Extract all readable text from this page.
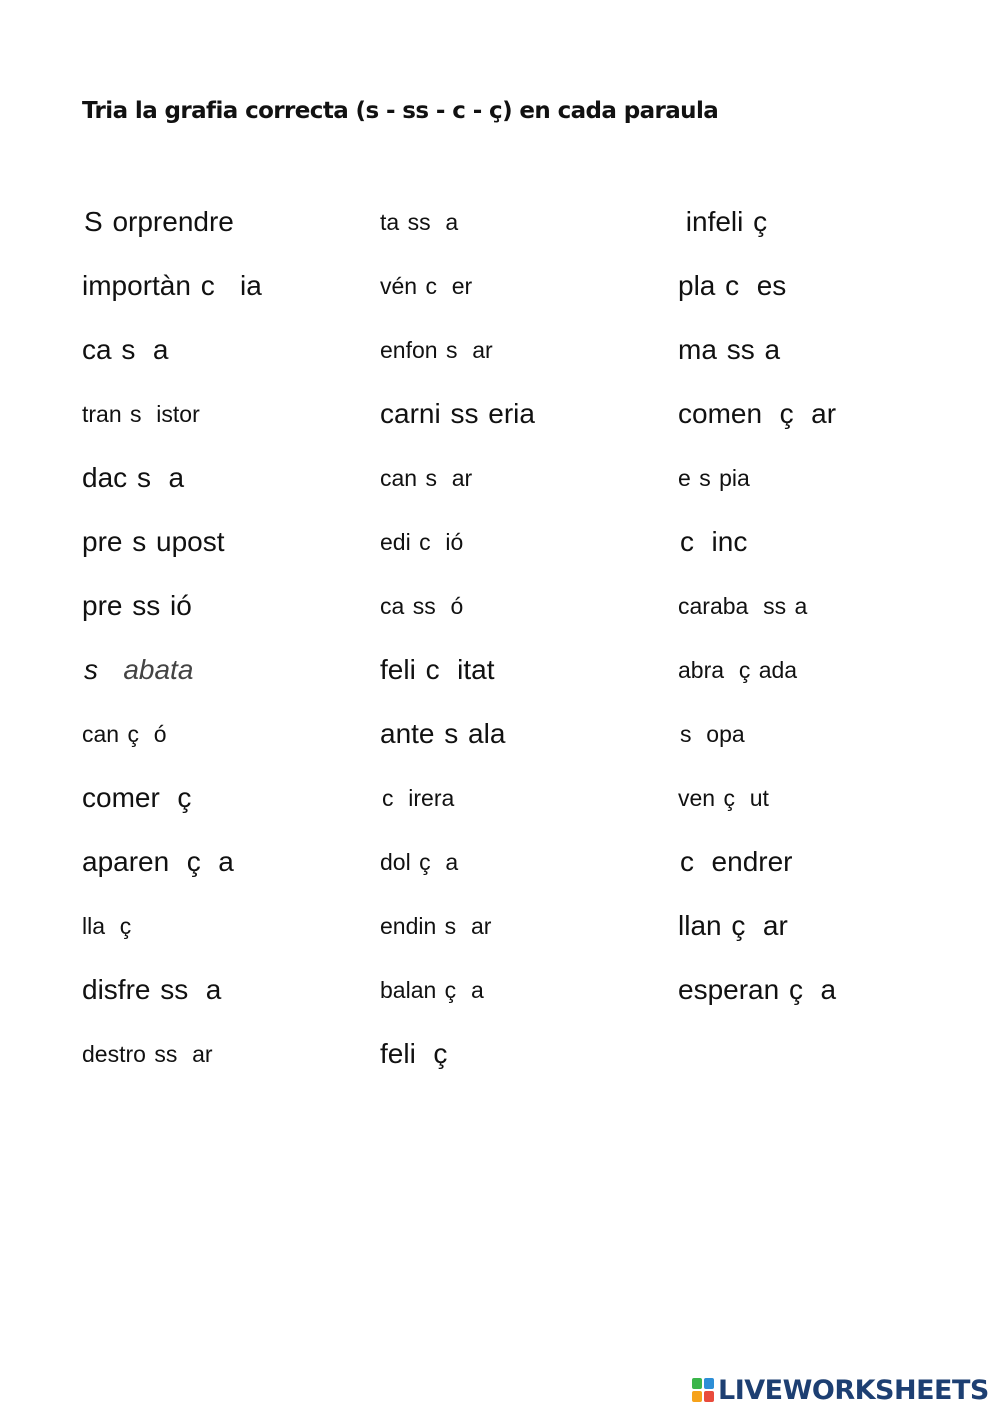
Tria la grafia correcta (s - ss - c - ç) en cada paraula
S orprendre
importàn c ia
ca s a
tran s istor
dac s a
pre s upost
pre ss ió
s abata
can ç ó
comer ç
aparen ç a
lla ç
disfre ss a
destro ss ar
ta ss a
vén c er
enfon s ar
carni ss eria
can s ar
edi c ió
ca ss ó
feli c itat
ante s ala
c irera
dol ç a
endin s ar
balan ç a
feli ç
infeli ç
pla c es
ma ss a
comen ç ar
e s pia
c inc
caraba ss a
abra ç ada
s opa
ven ç ut
c endrer
llan ç ar
esperan ç a
LIVEWORKSHEETS
